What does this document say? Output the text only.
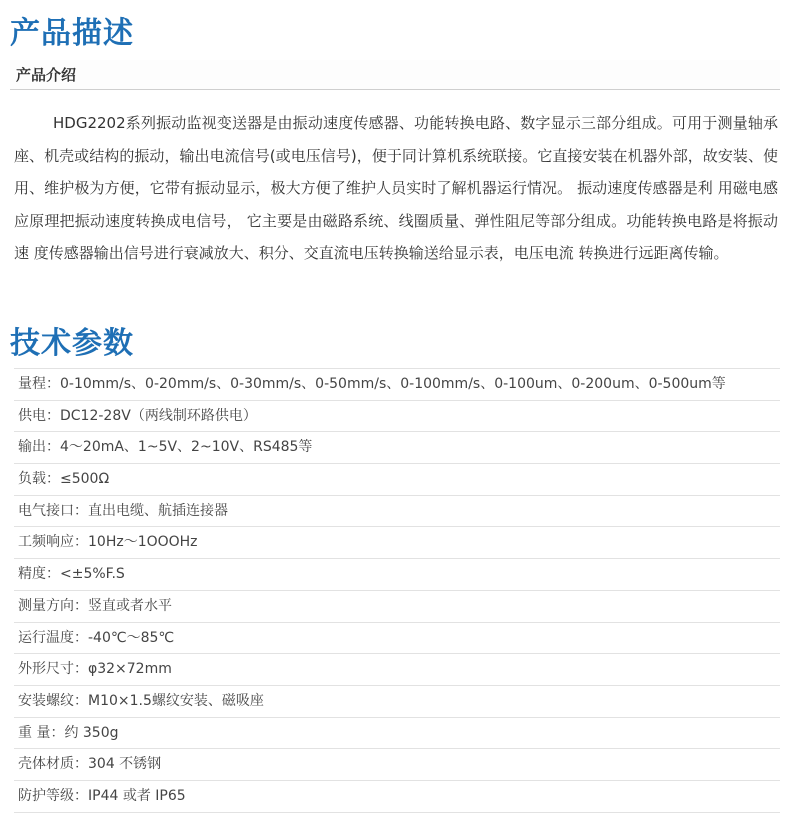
产品描述
产品介绍

HDG2202系列振动监视变送器是由振动速度传感器、功能转换电路、数字显示三部分组成。可用于测量轴承座、机壳或结构的振动，输出电流信号(或电压信号)，便于同计算机系统联接。它直接安装在机器外部，故安装、使用、维护极为方便，它带有振动显示，极大方便了维护人员实时了解机器运行情况。 振动速度传感器是利 用磁电感应原理把振动速度转换成电信号， 它主要是由磁路系统、线圈质量、弹性阻尼等部分组成。功能转换电路是将振动速 度传感器输出信号进行衰减放大、积分、交直流电压转换输送给显示表，电压电流 转换进行远距离传输。

技术参数
量程：0-10mm/s、0-20mm/s、0-30mm/s、0-50mm/s、0-100mm/s、0-100um、0-200um、0-500um等
供电：DC12-28V（两线制环路供电）
输出：4～20mA、1~5V、2~10V、RS485等
负载：≤500Ω
电气接口：直出电缆、航插连接器
工频响应：10Hz～1OOOHz
精度：<±5%F.S
测量方向：竖直或者水平
运行温度：-40℃～85℃
外形尺寸：φ32×72mm
安装螺纹：M10×1.5螺纹安装、磁吸座
重 量：约 350g
壳体材质：304 不锈钢
防护等级：IP44 或者 IP65
